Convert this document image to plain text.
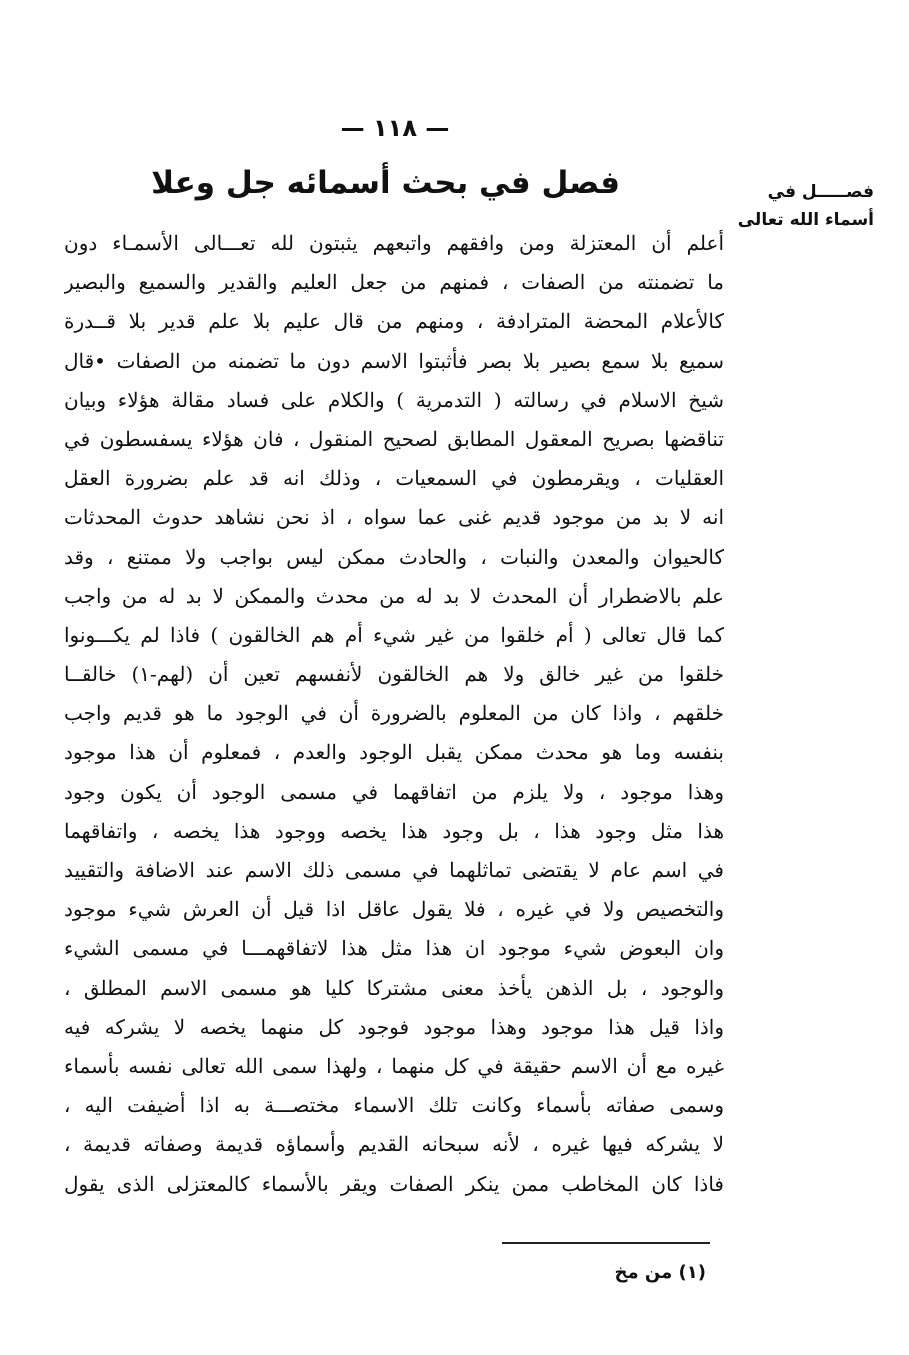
— ١١٨ —
فصل في بحث أسمائه جل وعلا	فصـــــل في
أسماء الله تعالى
أعلم أن المعتزلة ومن وافقهم واتبعهم يثبتون لله تعـــالى الأسمـاء دون
ما تضمنته من الصفات ، فمنهم من جعل العليم والقدير والسميع والبصير
كالأعلام المحضة المترادفة ، ومنهم من قال عليم بلا علم قدير بلا قــدرة
سميع بلا سمع بصير بلا بصر فأثبتوا الاسم دون ما تضمنه من الصفات •قال
شيخ الاسلام في رسالته ( التدمرية ) والكلام على فساد مقالة هؤلاء وبيان
تناقضها بصريح المعقول المطابق لصحيح المنقول ، فان هؤلاء يسفسطون في
العقليات ، ويقرمطون في السمعيات ، وذلك انه قد علم بضرورة العقل
انه لا بد من موجود قديم غنى عما سواه ، اذ نحن نشاهد حدوث المحدثات
كالحيوان والمعدن والنبات ، والحادث ممكن ليس بواجب ولا ممتنع ، وقد
علم بالاضطرار أن المحدث لا بد له من محدث والممكن لا بد له من واجب
كما قال تعالى ( أم خلقوا من غير شيء أم هم الخالقون ) فاذا لم يكـــونوا
خلقوا من غير خالق ولا هم الخالقون لأنفسهم تعين أن (لهم-١) خالقــا
خلقهم ، واذا كان من المعلوم بالضرورة أن في الوجود ما هو قديم واجب
بنفسه وما هو محدث ممكن يقبل الوجود والعدم ، فمعلوم أن هذا موجود
وهذا موجود ، ولا يلزم من اتفاقهما في مسمى الوجود أن يكون وجود
هذا مثل وجود هذا ، بل وجود هذا يخصه ووجود هذا يخصه ، واتفاقهما
في اسم عام لا يقتضى تماثلهما في مسمى ذلك الاسم عند الاضافة والتقييد
والتخصيص ولا في غيره ، فلا يقول عاقل اذا قيل أن العرش شيء موجود
وان البعوض شيء موجود ان هذا مثل هذا لاتفاقهمـــا في مسمى الشيء
والوجود ، بل الذهن يأخذ معنى مشتركا كليا هو مسمى الاسم المطلق ،
واذا قيل هذا موجود وهذا موجود فوجود كل منهما يخصه لا يشركه فيه
غيره مع أن الاسم حقيقة في كل منهما ، ولهذا سمى الله تعالى نفسه بأسماء
وسمى صفاته بأسماء وكانت تلك الاسماء مختصـــة به اذا أضيفت اليه ،
لا يشركه فيها غيره ، لأنه سبحانه القديم وأسماؤه قديمة وصفاته قديمة ،
فاذا كان المخاطب ممن ينكر الصفات ويقر بالأسماء كالمعتزلى الذى يقول
(١) من مخ
